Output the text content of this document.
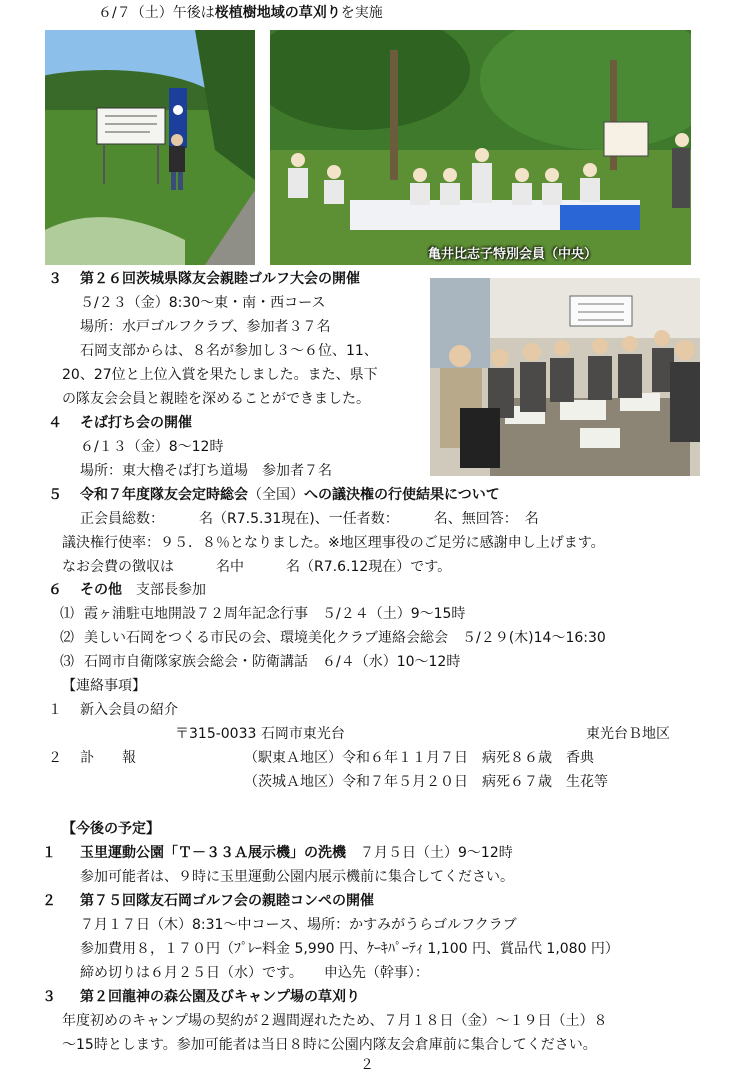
６/７（土）午後は桜植樹地域の草刈りを実施
亀井比志子特別会員（中央）
３ 第２６回茨城県隊友会親睦ゴルフ大会の開催
５/２３（金）8:30～東・南・西コース
場所：水戸ゴルフクラブ、参加者３７名
石岡支部からは、８名が参加し３～６位、11、
20、27位と上位入賞を果たしました。また、県下
の隊友会会員と親睦を深めることができました。
４ そば打ち会の開催
６/１３（金）8～12時
場所：東大櫓そば打ち道場　参加者７名
５ 令和７年度隊友会定時総会（全国）への議決権の行使結果について
正会員総数：　　　名（R7.5.31現在)、一任者数：　　　名、無回答：　名
議決権行使率：９５．８％となりました。※地区理事役のご足労に感謝申し上げます。
なお会費の徴収は　　　名中　　　名（R7.6.12現在）です。
６ その他　 支部長参加
⑴ 霞ヶ浦駐屯地開設７２周年記念行事　５/２４（土）9～15時
⑵ 美しい石岡をつくる市民の会、環境美化クラブ連絡会総会　５/２９(木)14～16:30
⑶ 石岡市自衛隊家族会総会・防衛講話　６/４（水）10～12時
【連絡事項】
１ 新入会員の紹介
〒315-0033 石岡市東光台	東光台Ｂ地区
２ 訃　　報	（駅東Ａ地区）令和６年１１月７日　病死８６歳　香典
（茨城Ａ地区）令和７年５月２０日　病死６７歳　生花等
【今後の予定】
１ 玉里運動公園「Ｔ－３３Ａ展示機」の洗機　 ７月５日（土）9～12時
参加可能者は、９時に玉里運動公園内展示機前に集合してください。
２ 第７５回隊友石岡ゴルフ会の親睦コンペの開催
７月１７日（木）8:31～中コース、場所：かすみがうらゴルフクラブ
参加費用８，１７０円（ﾌﾟﾚｰ料金 5,990 円、ｹｰｷﾊﾟｰﾃｨ 1,100 円、賞品代 1,080 円）
締め切りは６月２５日（水）です。　　申込先（幹事）：
３ 第２回龍神の森公園及びキャンプ場の草刈り
年度初めのキャンプ場の契約が２週間遅れたため、７月１８日（金）～１９日（土）８
～15時とします。参加可能者は当日８時に公園内隊友会倉庫前に集合してください。
２
